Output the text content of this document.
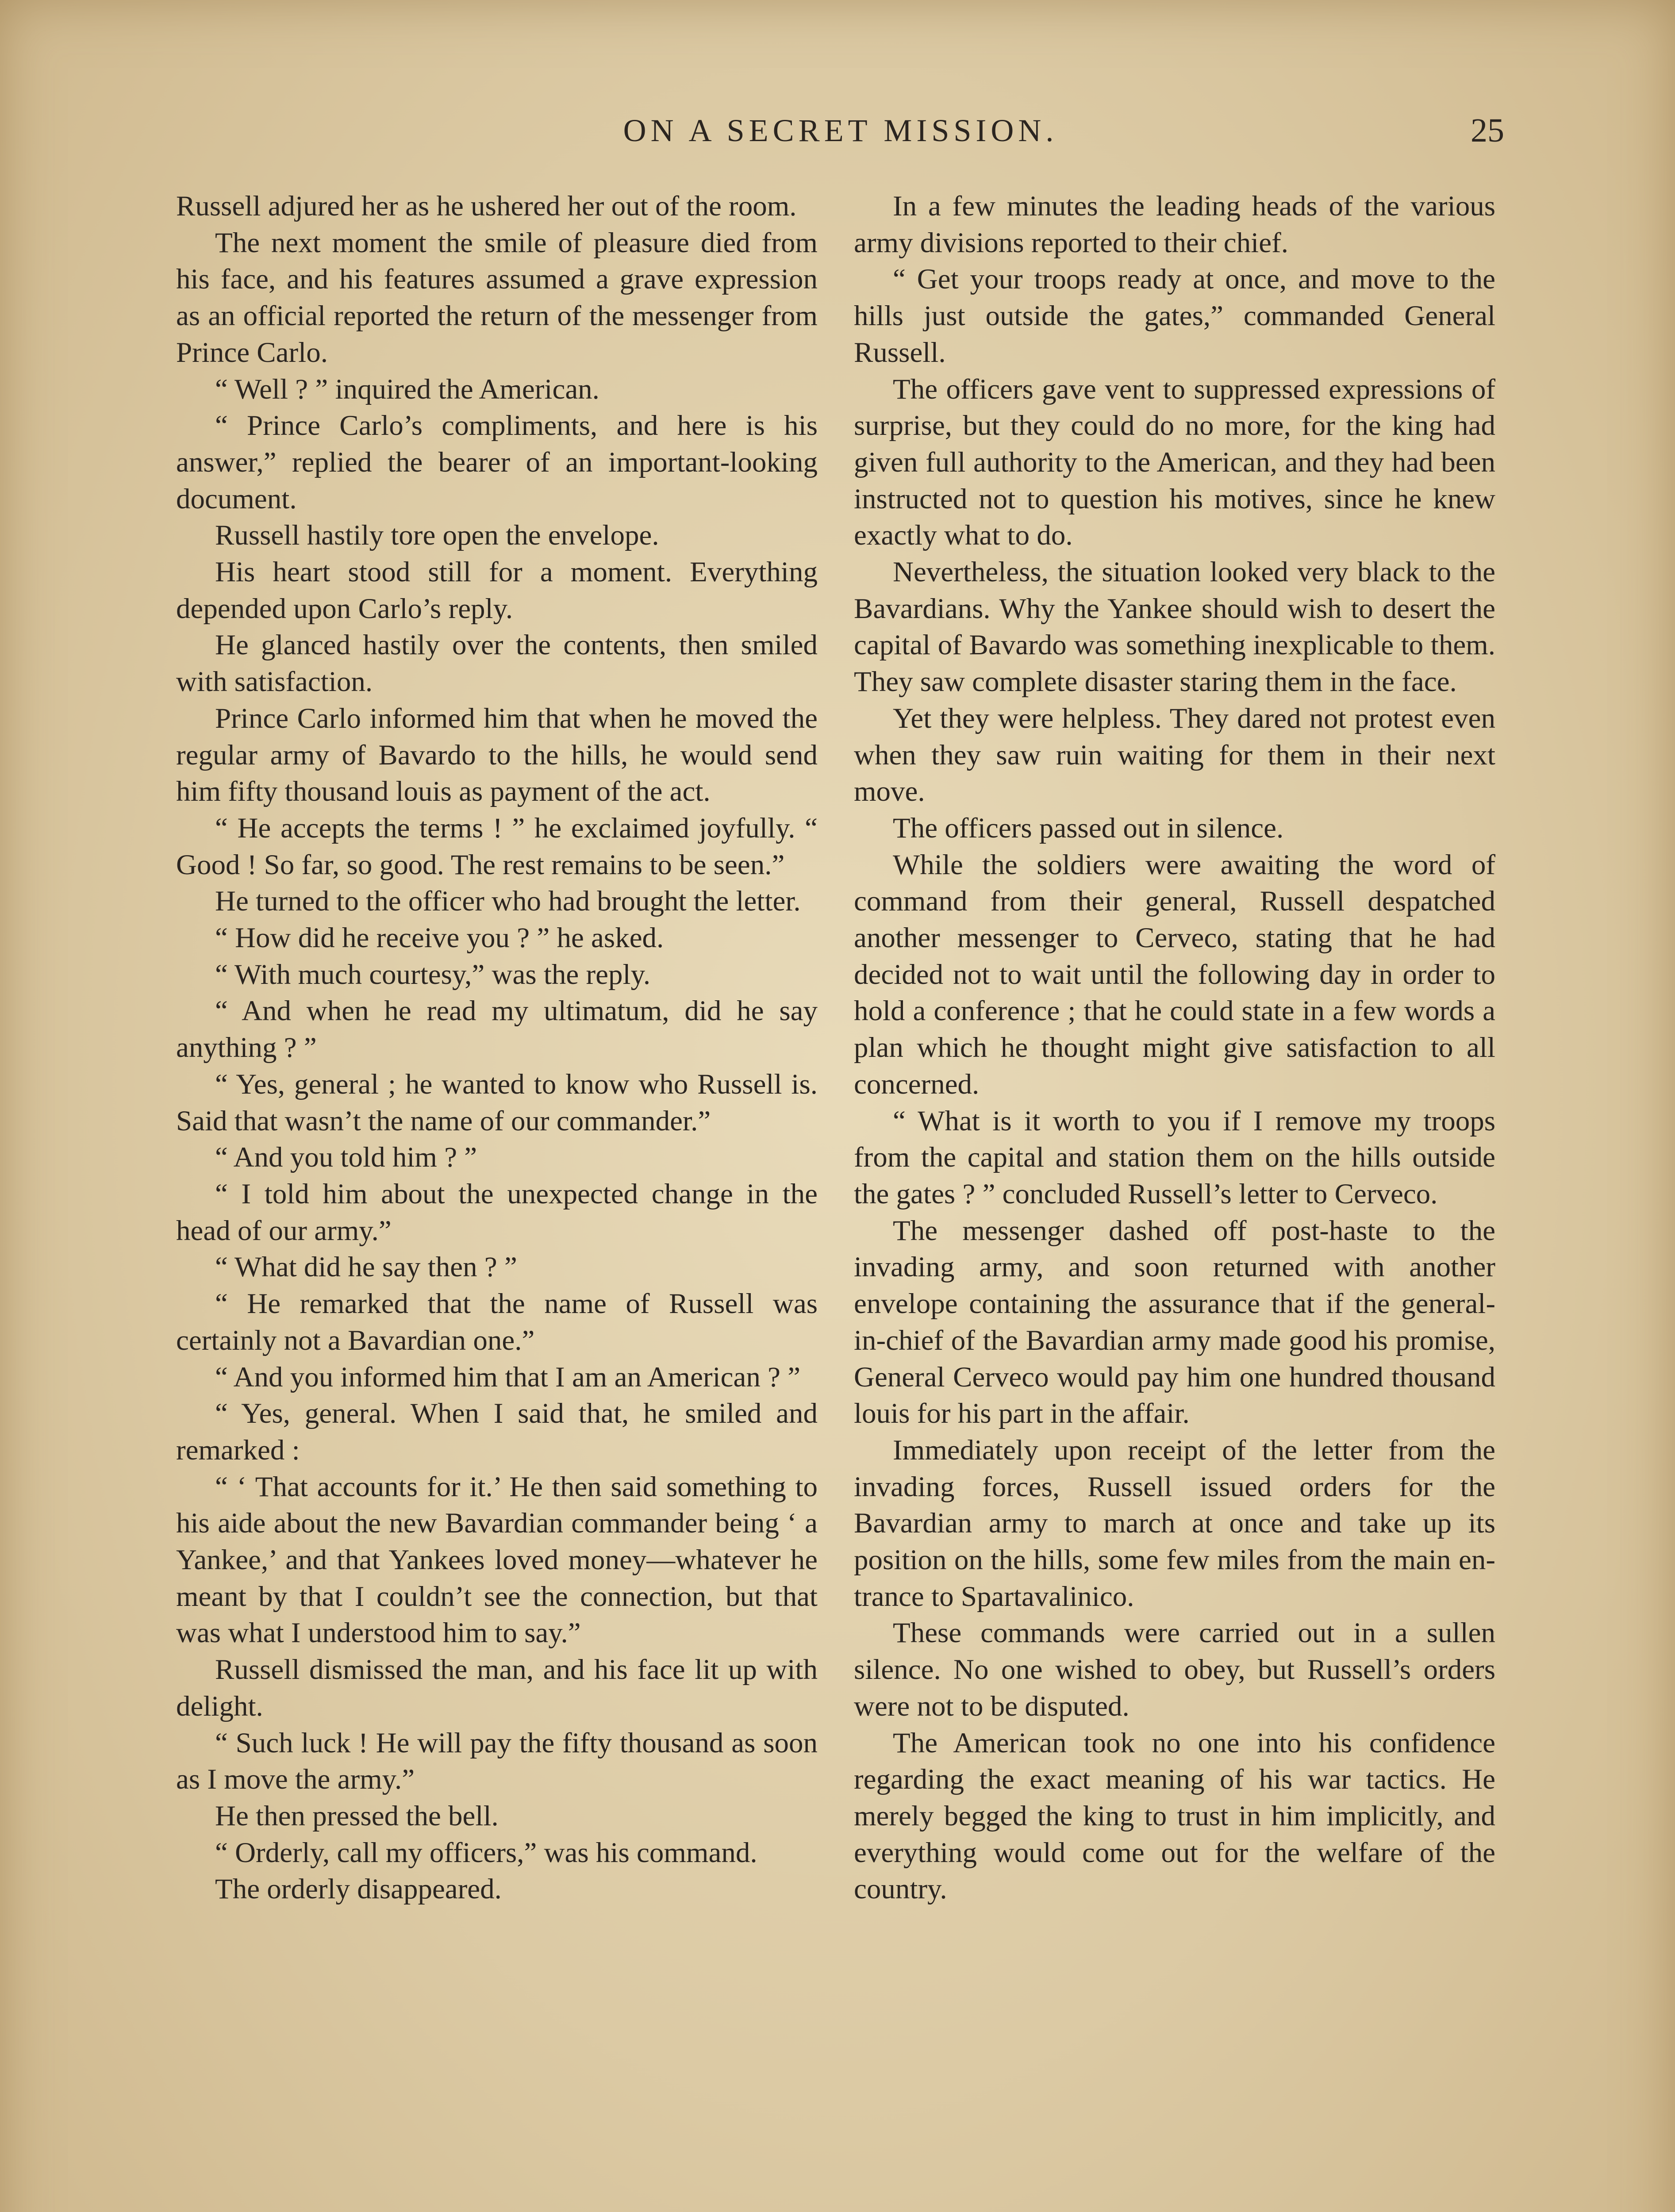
ON A SECRET MISSION.	25

Russell adjured her as he ushered her out of the room.

The next moment the smile of pleasure died from his face, and his features assumed a grave expression as an official reported the return of the messenger from Prince Carlo.

“ Well ? ” inquired the American.

“ Prince Carlo’s compliments, and here is his answer,” replied the bearer of an important-looking document.

Russell hastily tore open the envelope.

His heart stood still for a moment. Everything depended upon Carlo’s reply.

He glanced hastily over the contents, then smiled with satisfaction.

Prince Carlo informed him that when he moved the regular army of Bavardo to the hills, he would send him fifty thousand louis as payment of the act.

“ He accepts the terms ! ” he exclaimed joyfully. “ Good ! So far, so good. The rest remains to be seen.”

He turned to the officer who had brought the letter.

“ How did he receive you ? ” he asked.

“ With much courtesy,” was the reply.

“ And when he read my ultimatum, did he say anything ? ”

“ Yes, general ; he wanted to know who Russell is. Said that wasn’t the name of our commander.”

“ And you told him ? ”

“ I told him about the unexpected change in the head of our army.”

“ What did he say then ? ”

“ He remarked that the name of Russell was certainly not a Bavardian one.”

“ And you informed him that I am an American ? ”

“ Yes, general. When I said that, he smiled and remarked :

“ ‘ That accounts for it.’ He then said something to his aide about the new Bavardian commander being ‘ a Yankee,’ and that Yankees loved money—whatever he meant by that I couldn’t see the connection, but that was what I understood him to say.”

Russell dismissed the man, and his face lit up with delight.

“ Such luck ! He will pay the fifty thousand as soon as I move the army.”

He then pressed the bell.

“ Orderly, call my officers,” was his command.

The orderly disappeared.

In a few minutes the leading heads of the various army divisions reported to their chief.

“ Get your troops ready at once, and move to the hills just outside the gates,” commanded General Russell.

The officers gave vent to suppressed expressions of surprise, but they could do no more, for the king had given full authority to the American, and they had been instructed not to question his motives, since he knew exactly what to do.

Nevertheless, the situation looked very black to the Bavardians. Why the Yankee should wish to desert the capital of Bavardo was something inexplicable to them. They saw complete disaster staring them in the face.

Yet they were helpless. They dared not protest even when they saw ruin waiting for them in their next move.

The officers passed out in silence.

While the soldiers were awaiting the word of command from their general, Russell despatched another messenger to Cerveco, stating that he had decided not to wait until the following day in order to hold a conference ; that he could state in a few words a plan which he thought might give satisfaction to all concerned.

“ What is it worth to you if I remove my troops from the capital and station them on the hills outside the gates ? ” concluded Russell’s letter to Cerveco.

The messenger dashed off post-haste to the invading army, and soon returned with another envelope containing the assurance that if the general-in-chief of the Bavardian army made good his promise, General Cerveco would pay him one hundred thousand louis for his part in the affair.

Immediately upon receipt of the letter from the invading forces, Russell issued orders for the Bavardian army to march at once and take up its position on the hills, some few miles from the main entrance to Spartavalinico.

These commands were carried out in a sullen silence. No one wished to obey, but Russell’s orders were not to be disputed.

The American took no one into his confidence regarding the exact meaning of his war tactics. He merely begged the king to trust in him implicitly, and everything would come out for the welfare of the country.
